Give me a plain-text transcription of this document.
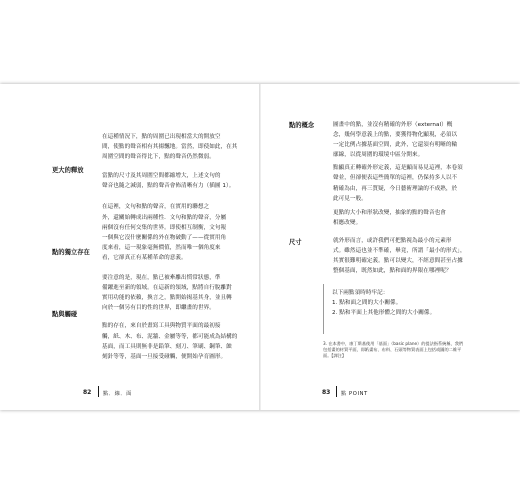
更大的釋放
點的獨立存在
點與觸碰

在這種情況下，點的周圍已出現相當大的開放空
間，使點的聲音相有其揚飄地。當然，即使如此，在其
周圍空間的聲音得比下，點的聲音仍然微弱。

當點的尺寸及其周圍空間都縮增大，上述文句的
聲音也隨之減弱，點的聲音會佈清晰有力（插圖 1）。

在這裡，文句和點的聲音，在實用的聯想之
外，還關始轉成出兩種性．文句和點的聲音，分屬
兩個沒有任何交集的世界。即使相互制衡，文句報
一個與它沒什麼關係的外在物破動了——從實用角
度來看，這一現象毫無價值，然而唯一個角度來
看，它卻真正有某種革命的意義。

要注意的是，現在，點已被牽離出慣常狀態，準
備躍進至新的領域。在這新的領域，點將自行脫離對
實用功能的依賴，換言之，點開始揭基其身，並且轉
向於一個另有目的性的世界，即繼畫的世界。

點的存在，來自於畫寫工具與物質平面的最初接
觸，紙、木、布、泥牆、金屬等等，都可能成為結構的
基面，而工具則無非是鉛筆、刻刀、筆刷、鋼筆、蝕
刻針等等，基面一旦接受碰觸，便開始孕育圖形。

82 點．線．面
點的概念
尺寸

圖畫中的點，並沒有精確的外形（external）概
念，幾何學意義上的點，要獲得物化顯現，必須以
一定比例占據基面空間，此外，它還須有明晰的輪
廓線，以從周圍的環境中區分開來。

點顯真正轉確外形定義，這是顯而易見這裡，本卷須
聲並，但卻便表這些簡單的這裡，仍保持多人以不
精確為由，再三質疑，今日藝術理論的不成熟，於
此可見一般。

更點的大小和形狀改變，抽象的點的聲音也會
相應改變。

就外形而言，或許我們可把點視為最小的元素形
式。雖然這也並不準確，畢竟，所謂「最小的形式」，
其實很難明確定義。點可以變大，不經意間甚至占據
整個基面，既然如此，點和面的界限在哪裡呢？

以下兩點須時時牢記：
1. 點和面之間的大小關係。
2. 點和平面上其他形體之間的大小關係。
3. 在本書中，康丁斯基使用「基面」（basic plane）的提法指系統稱，我們
包括畫的材質平面，即紙畫布、布料、石頭等物質表面上包括或圖的二維平
面。【譯注】
83 點 POINT
